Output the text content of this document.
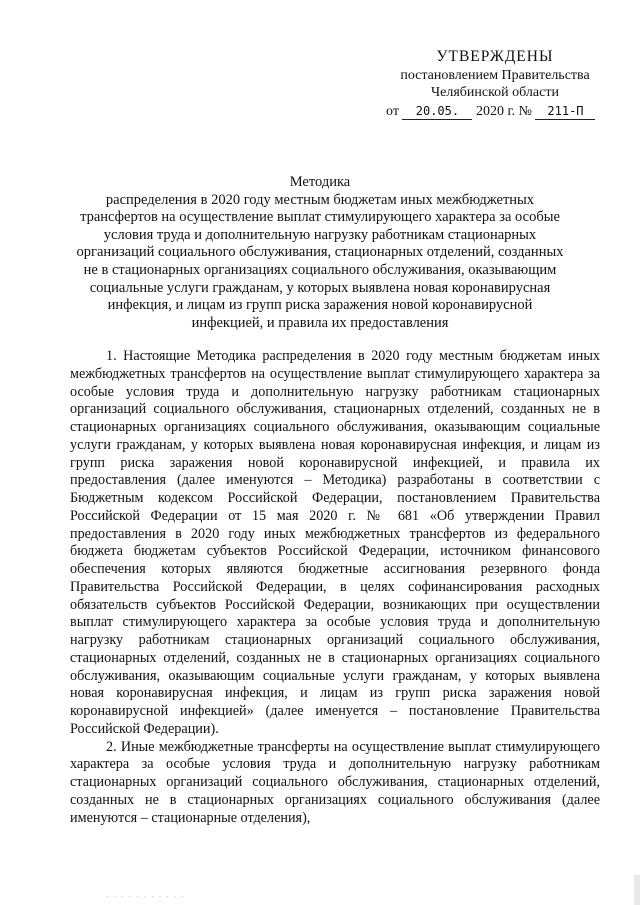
УТВЕРЖДЕНЫ
постановлением Правительства
Челябинской области
от 20.05. 2020 г. № 211-П
Методика
распределения в 2020 году местным бюджетам иных межбюджетных трансфертов на осуществление выплат стимулирующего характера за особые условия труда и дополнительную нагрузку работникам стационарных организаций социального обслуживания, стационарных отделений, созданных не в стационарных организациях социального обслуживания, оказывающим социальные услуги гражданам, у которых выявлена новая коронавирусная инфекция, и лицам из групп риска заражения новой коронавирусной инфекцией, и правила их предоставления

1. Настоящие Методика распределения в 2020 году местным бюджетам иных межбюджетных трансфертов на осуществление выплат стимулирующего характера за особые условия труда и дополнительную нагрузку работникам стационарных организаций социального обслуживания, стационарных отделений, созданных не в стационарных организациях социального обслуживания, оказывающим социальные услуги гражданам, у которых выявлена новая коронавирусная инфекция, и лицам из групп риска заражения новой коронавирусной инфекцией, и правила их предоставления (далее именуются – Методика) разработаны в соответствии с Бюджетным кодексом Российской Федерации, постановлением Правительства Российской Федерации от 15 мая 2020 г. № 681 «Об утверждении Правил предоставления в 2020 году иных межбюджетных трансфертов из федерального бюджета бюджетам субъектов Российской Федерации, источником финансового обеспечения которых являются бюджетные ассигнования резервного фонда Правительства Российской Федерации, в целях софинансирования расходных обязательств субъектов Российской Федерации, возникающих при осуществлении выплат стимулирующего характера за особые условия труда и дополнительную нагрузку работникам стационарных организаций социального обслуживания, стационарных отделений, созданных не в стационарных организациях социального обслуживания, оказывающим социальные услуги гражданам, у которых выявлена новая коронавирусная инфекция, и лицам из групп риска заражения новой коронавирусной инфекцией» (далее именуется – постановление Правительства Российской Федерации).

2. Иные межбюджетные трансферты на осуществление выплат стимулирующего характера за особые условия труда и дополнительную нагрузку работникам стационарных организаций социального обслуживания, стационарных отделений, созданных не в стационарных организациях социального обслуживания (далее именуются – стационарные отделения),

· · · · · · · · · · ·
